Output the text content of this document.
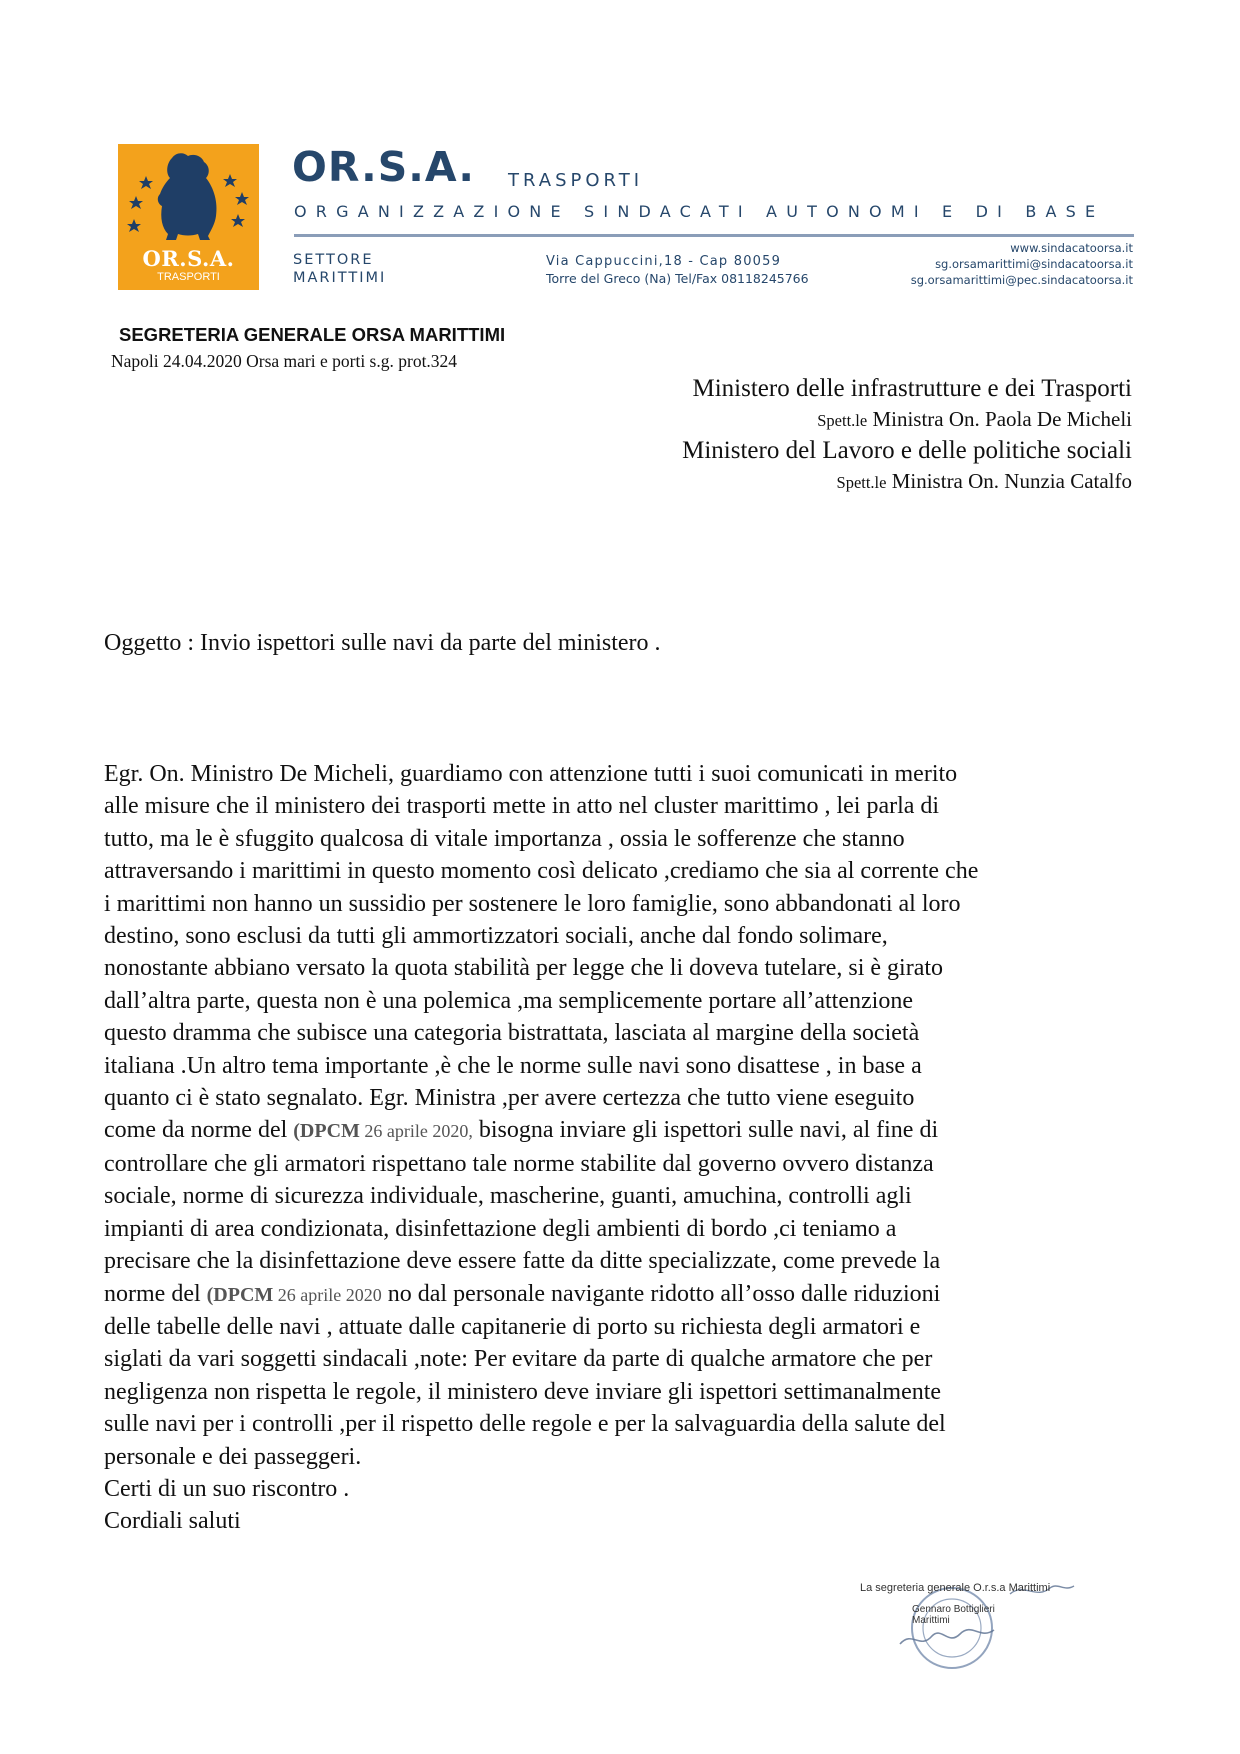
OR.S.A.
TRASPORTI
OR.S.A. TRASPORTI
ORGANIZZAZIONE SINDACATI AUTONOMI E DI BASE
SETTORE
MARITTIMI
Via Cappuccini,18 - Cap 80059
Torre del Greco (Na) Tel/Fax 08118245766
www.sindacatoorsa.it
sg.orsamarittimi@sindacatoorsa.it
sg.orsamarittimi@pec.sindacatoorsa.it
SEGRETERIA GENERALE ORSA MARITTIMI
Napoli 24.04.2020 Orsa mari e porti s.g. prot.324
Ministero delle infrastrutture e dei Trasporti
Spett.le Ministra On. Paola De Micheli
Ministero del Lavoro e delle politiche sociali
Spett.le Ministra On. Nunzia Catalfo
Oggetto : Invio ispettori sulle navi da parte del ministero .
Egr. On. Ministro De Micheli, guardiamo con attenzione tutti i suoi comunicati in merito
alle misure che il ministero dei trasporti mette in atto nel cluster marittimo , lei parla di
tutto, ma le è sfuggito qualcosa di vitale importanza , ossia le sofferenze che stanno
attraversando i marittimi in questo momento così delicato ,crediamo che sia al corrente che
i marittimi non hanno un sussidio per sostenere le loro famiglie, sono abbandonati al loro
destino, sono esclusi da tutti gli ammortizzatori sociali, anche dal fondo solimare,
nonostante abbiano versato la quota stabilità per legge che li doveva tutelare, si è girato
dall’altra parte, questa non è una polemica ,ma semplicemente portare all’attenzione
questo dramma che subisce una categoria bistrattata, lasciata al margine della società
italiana .Un altro tema importante ,è che le norme sulle navi sono disattese , in base a
quanto ci è stato segnalato. Egr. Ministra ,per avere certezza che tutto viene eseguito
come da norme del (DPCM 26 aprile 2020, bisogna inviare gli ispettori sulle navi, al fine di
controllare che gli armatori rispettano tale norme stabilite dal governo ovvero distanza
sociale, norme di sicurezza individuale, mascherine, guanti, amuchina, controlli agli
impianti di area condizionata, disinfettazione degli ambienti di bordo ,ci teniamo a
precisare che la disinfettazione deve essere fatte da ditte specializzate, come prevede la
norme del (DPCM 26 aprile 2020 no dal personale navigante ridotto all’osso dalle riduzioni
delle tabelle delle navi , attuate dalle capitanerie di porto su richiesta degli armatori e
siglati da vari soggetti sindacali ,note: Per evitare da parte di qualche armatore che per
negligenza non rispetta le regole, il ministero deve inviare gli ispettori settimanalmente
sulle navi per i controlli ,per il rispetto delle regole e per la salvaguardia della salute del
personale e dei passeggeri.
Certi di un suo riscontro .
Cordiali saluti
La segreteria generale O.r.s.a Marittimi
Gennaro Bottiglieri
Marittimi
